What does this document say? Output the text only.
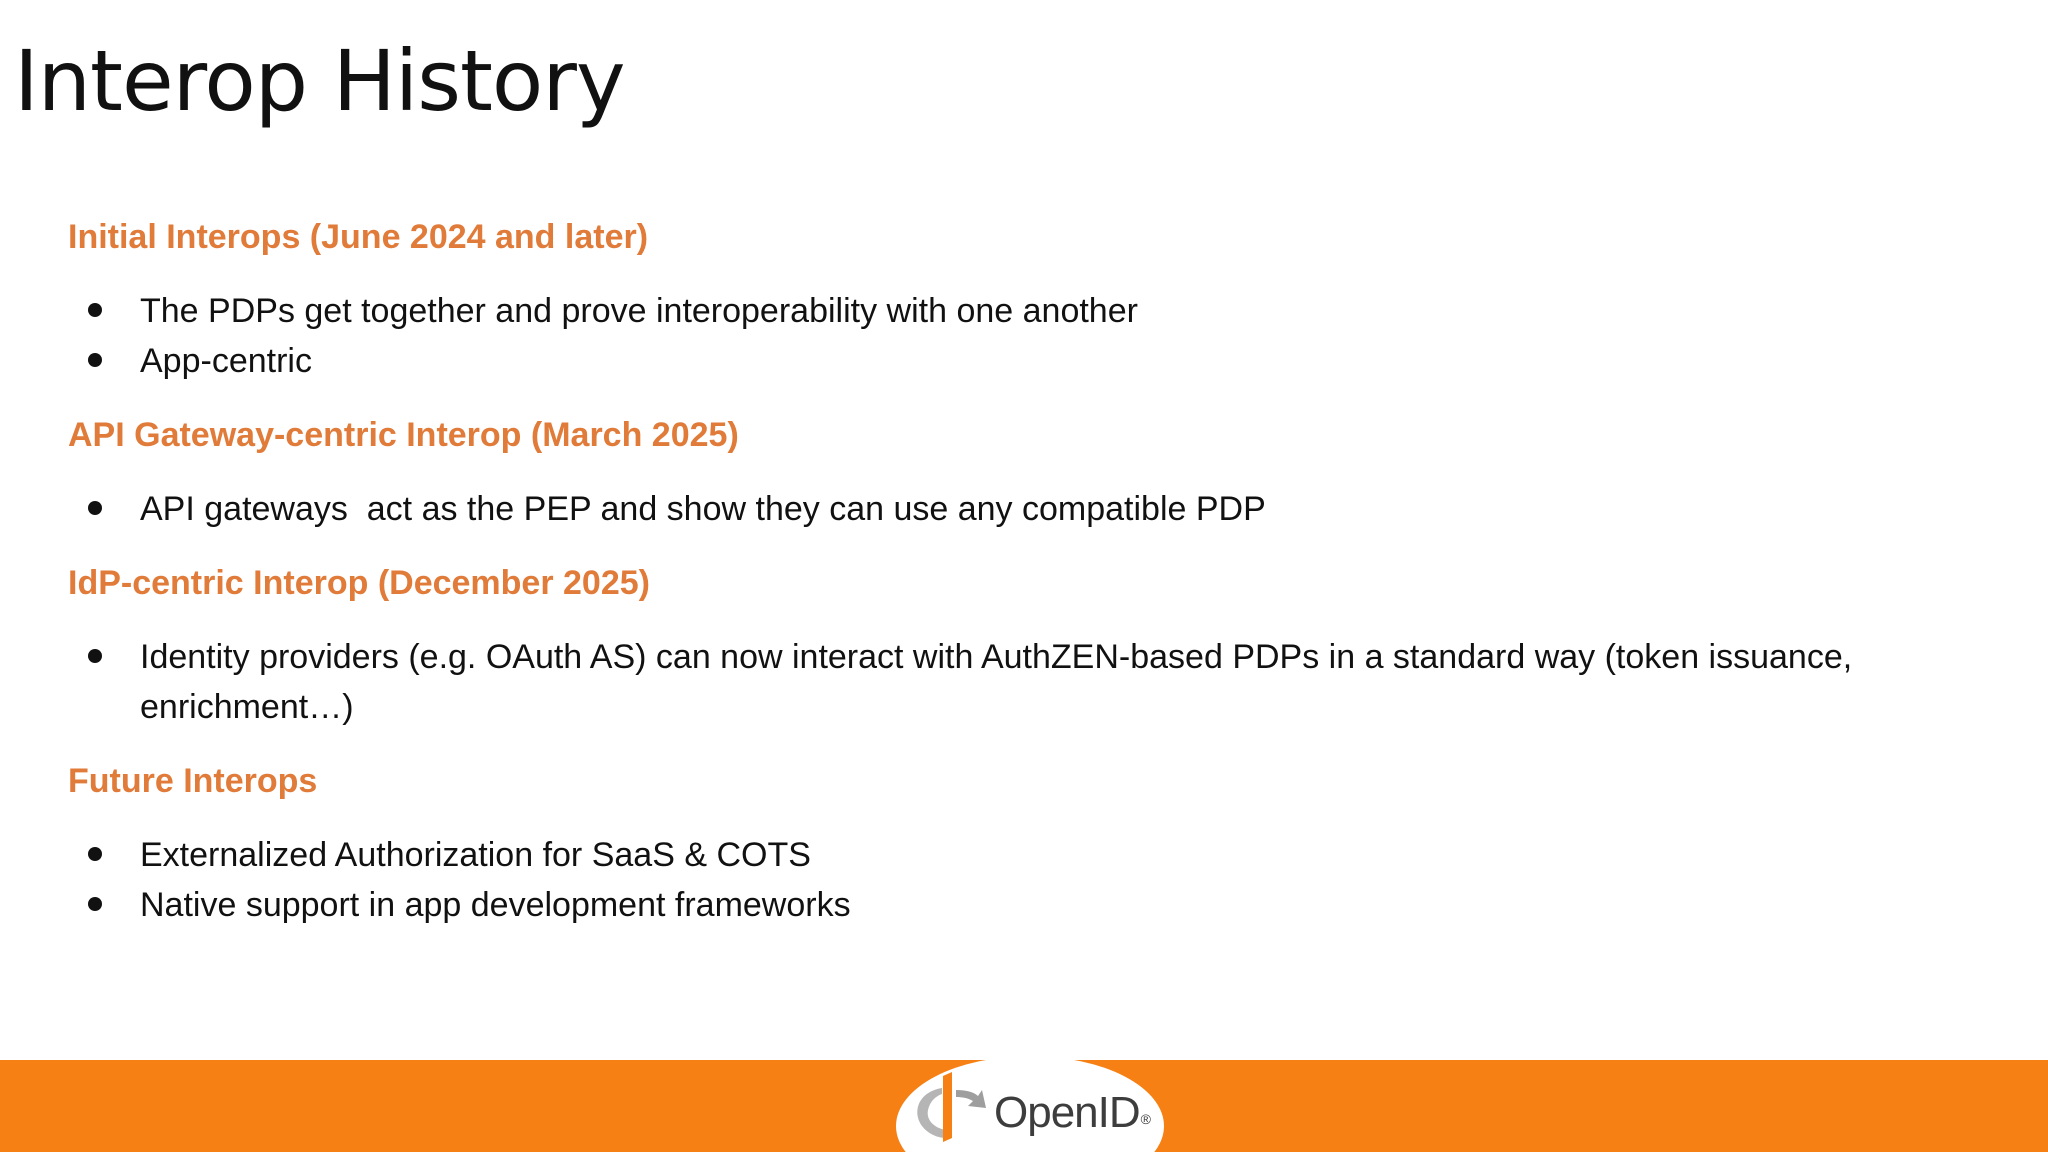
Interop History
Initial Interops (June 2024 and later)
The PDPs get together and prove interoperability with one another
App-centric
API Gateway-centric Interop (March 2025)
API gateways  act as the PEP and show they can use any compatible PDP
IdP-centric Interop (December 2025)
Identity providers (e.g. OAuth AS) can now interact with AuthZEN-based PDPs in a standard way (token issuance, enrichment…)
Future Interops
Externalized Authorization for SaaS & COTS
Native support in app development frameworks
OpenID®
